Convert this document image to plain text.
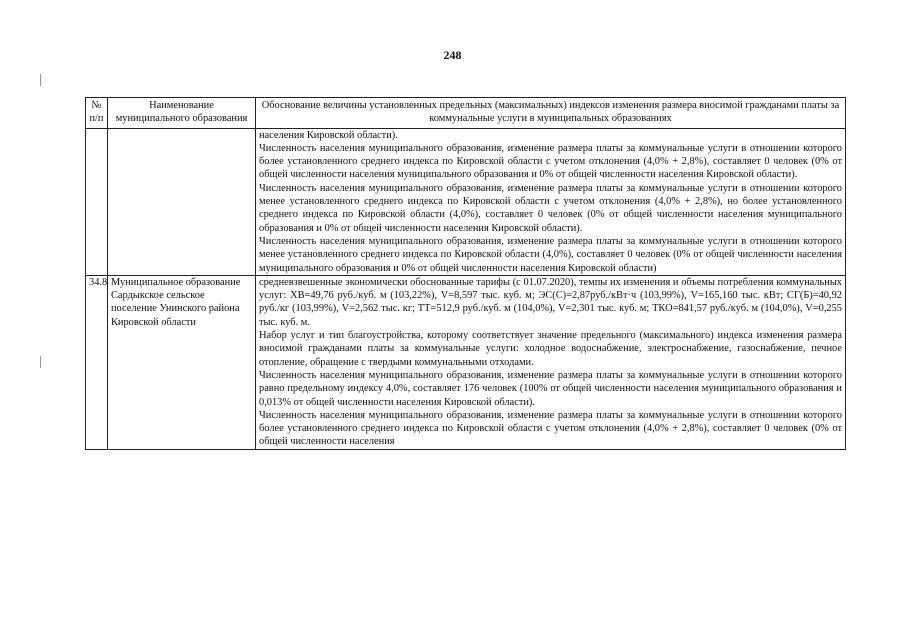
248
№ п/п	Наименование муниципального образования	Обоснование величины установленных предельных (максимальных) индексов изменения размера вносимой гражданами платы за коммунальные услуги в муниципальных образованиях

		населения Кировской области).
Численность населения муниципального образования, изменение размера платы за коммунальные услуги в отношении которого более установленного среднего индекса по Кировской области с учетом отклонения (4,0% + 2,8%), составляет 0 человек (0% от общей численности населения муниципального образования и 0% от общей численности населения Кировской области).
Численность населения муниципального образования, изменение размера платы за коммунальные услуги в отношении которого менее установленного среднего индекса по Кировской области с учетом отклонения (4,0% + 2,8%), но более установленного среднего индекса по Кировской области (4,0%), составляет 0 человек (0% от общей численности населения муниципального образования и 0% от общей численности населения Кировской области).
Численность населения муниципального образования, изменение размера платы за коммунальные услуги в отношении которого менее установленного среднего индекса по Кировской области (4,0%), составляет 0 человек (0% от общей численности населения муниципального образования и 0% от общей численности населения Кировской области)

34.8	Муниципальное образование Сардыкское сельское поселение Унинского района Кировской области	средневзвешенные экономически обоснованные тарифы (с 01.07.2020), темпы их изменения и объемы потребления коммунальных услуг: ХВ=49,76 руб./куб. м (103,22%), V=8,597 тыс. куб. м; ЭС(С)=2,87руб./кВт·ч (103,99%), V=165,160 тыс. кВт; СГ(Б)=40,92 руб./кг (103,99%), V=2,562 тыс. кг; ТТ=512,9 руб./куб. м (104,0%), V=2,301 тыс. куб. м; ТКО=841,57 руб./куб. м (104,0%), V=0,255 тыс. куб. м.
Набор услуг и тип благоустройства, которому соответствует значение предельного (максимального) индекса изменения размера вносимой гражданами платы за коммунальные услуги: холодное водоснабжение, электроснабжение, газоснабжение, печное отопление, обращение с твердыми коммунальными отходами.
Численность населения муниципального образования, изменение размера платы за коммунальные услуги в отношении которого равно предельному индексу 4,0%, составляет 176 человек (100% от общей численности населения муниципального образования и 0,013% от общей численности населения Кировской области).
Численность населения муниципального образования, изменение размера платы за коммунальные услуги в отношении которого более установленного среднего индекса по Кировской области с учетом отклонения (4,0% + 2,8%), составляет 0 человек (0% от общей численности населения
